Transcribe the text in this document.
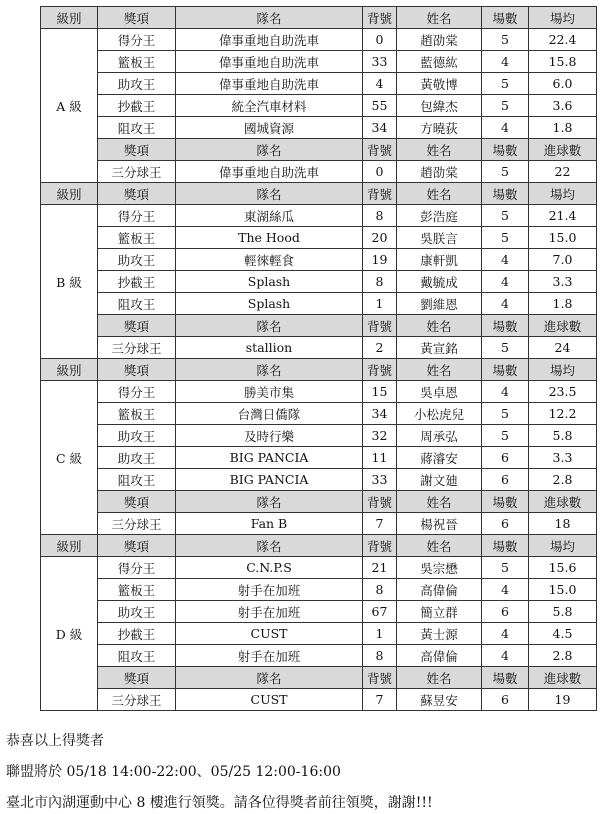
級別	獎項	隊名	背號	姓名	場數	場均
A 級	得分王	偉事重地自助洗車	0	趙劭棠	5	22.4
	籃板王	偉事重地自助洗車	33	藍德紘	4	15.8
	助攻王	偉事重地自助洗車	4	黃敬博	5	6.0
	抄截王	統全汽車材料	55	包緯杰	5	3.6
	阻攻王	國城資源	34	方曉荻	4	1.8
	獎項	隊名	背號	姓名	場數	進球數
	三分球王	偉事重地自助洗車	0	趙劭棠	5	22
級別	獎項	隊名	背號	姓名	場數	場均
B 級	得分王	東湖絲瓜	8	彭浩庭	5	21.4
	籃板王	The Hood	20	吳朕言	5	15.0
	助攻王	輕徠輕食	19	康軒凱	4	7.0
	抄截王	Splash	8	戴毓成	4	3.3
	阻攻王	Splash	1	劉維恩	4	1.8
	獎項	隊名	背號	姓名	場數	進球數
	三分球王	stallion	2	黃宣銘	5	24
級別	獎項	隊名	背號	姓名	場數	場均
C 級	得分王	勝美市集	15	吳卓恩	4	23.5
	籃板王	台灣日僑隊	34	小松虎兒	5	12.2
	助攻王	及時行樂	32	周承弘	5	5.8
	助攻王	BIG PANCIA	11	蔣濬安	6	3.3
	阻攻王	BIG PANCIA	33	謝文廸	6	2.8
	獎項	隊名	背號	姓名	場數	進球數
	三分球王	Fan B	7	楊祝晉	6	18
級別	獎項	隊名	背號	姓名	場數	場均
D 級	得分王	C.N.P.S	21	吳宗懋	5	15.6
	籃板王	射手在加班	8	高偉倫	4	15.0
	助攻王	射手在加班	67	簡立群	6	5.8
	抄截王	CUST	1	黃士源	4	4.5
	阻攻王	射手在加班	8	高偉倫	4	2.8
	獎項	隊名	背號	姓名	場數	進球數
	三分球王	CUST	7	蘇昱安	6	19
恭喜以上得獎者
聯盟將於 05/18 14:00-22:00、05/25 12:00-16:00
臺北市內湖運動中心 8 樓進行領獎。請各位得獎者前往領獎，謝謝!!!
